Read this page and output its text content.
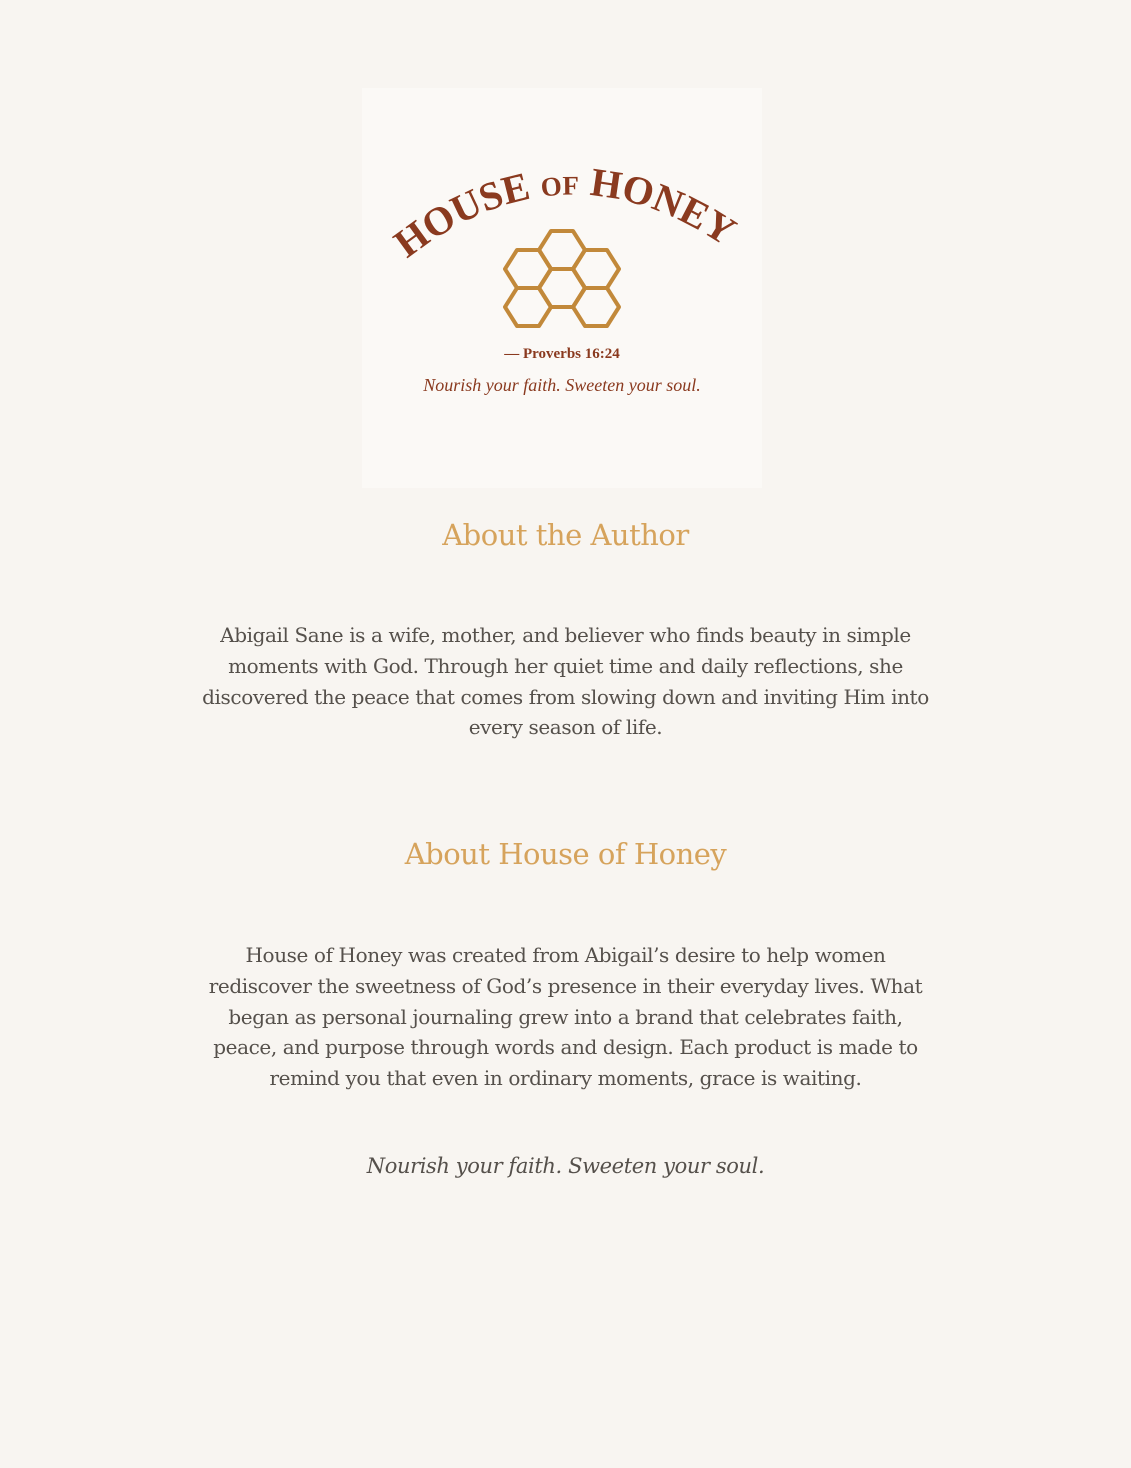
HOUSE OF HONEY
— Proverbs 16:24
Nourish your faith. Sweeten your soul.
About the Author

Abigail Sane is a wife, mother, and believer who finds beauty in simple moments with God. Through her quiet time and daily reflections, she discovered the peace that comes from slowing down and inviting Him into every season of life.

About House of Honey

House of Honey was created from Abigail’s desire to help women rediscover the sweetness of God’s presence in their everyday lives. What began as personal journaling grew into a brand that celebrates faith, peace, and purpose through words and design. Each product is made to remind you that even in ordinary moments, grace is waiting.

Nourish your faith. Sweeten your soul.
